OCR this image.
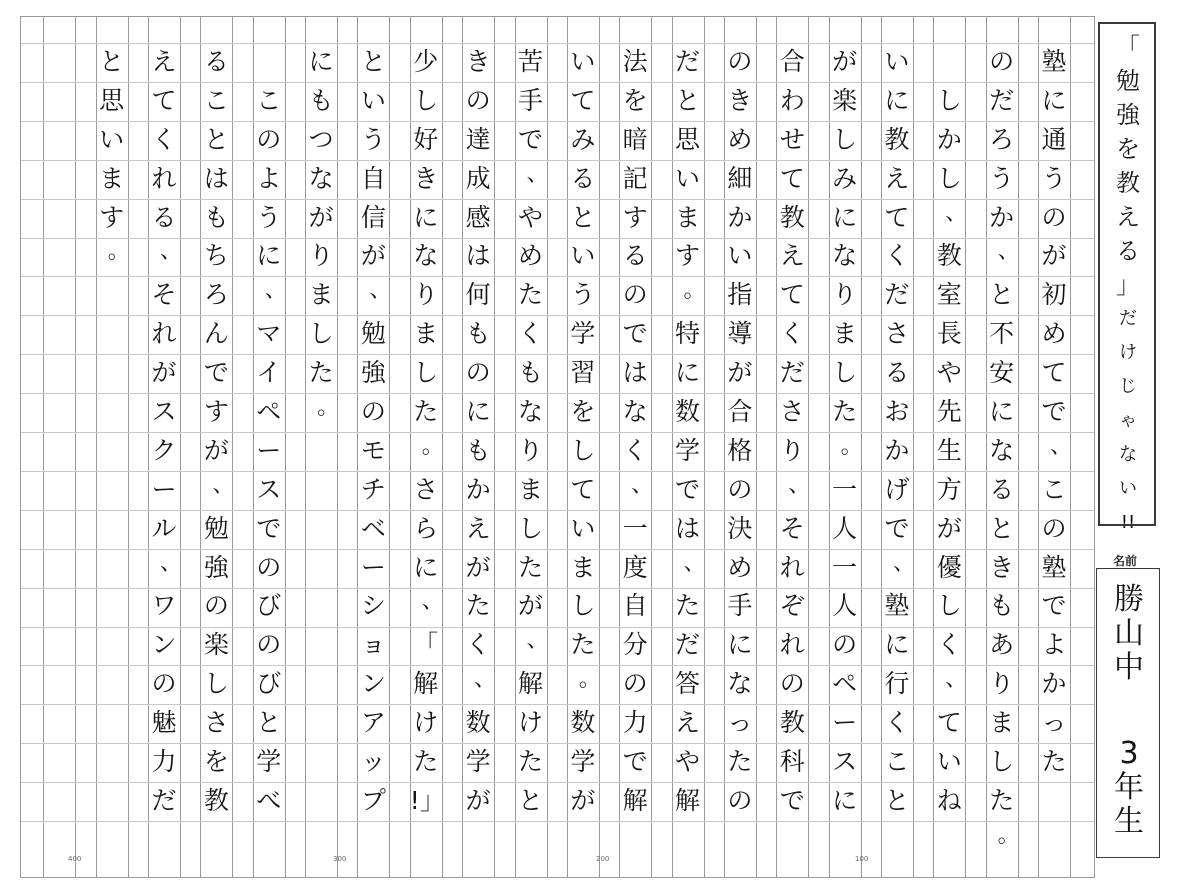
塾
に
通
う
の
が
初
め
て
で
、
こ
の
塾
で
よ
か
っ
た
の
だ
ろ
う
か
、
と
不
安
に
な
る
と
き
も
あ
り
ま
し
た
。
し
か
し
、
教
室
長
や
先
生
方
が
優
し
く
、
て
い
ね
い
に
教
え
て
く
だ
さ
る
お
か
げ
で
、
塾
に
行
く
こ
と
が
楽
し
み
に
な
り
ま
し
た
。
一
人
一
人
の
ペ
ー
ス
に
合
わ
せ
て
教
え
て
く
だ
さ
り
、
そ
れ
ぞ
れ
の
教
科
で
の
き
め
細
か
い
指
導
が
合
格
の
決
め
手
に
な
っ
た
の
だ
と
思
い
ま
す
。
特
に
数
学
で
は
、
た
だ
答
え
や
解
法
を
暗
記
す
る
の
で
は
な
く
、
一
度
自
分
の
力
で
解
い
て
み
る
と
い
う
学
習
を
し
て
い
ま
し
た
。
数
学
が
苦
手
で
、
や
め
た
く
も
な
り
ま
し
た
が
、
解
け
た
と
き
の
達
成
感
は
何
も
の
に
も
か
え
が
た
く
、
数
学
が
少
し
好
き
に
な
り
ま
し
た
。
さ
ら
に
、
「
解
け
た
!」
と
い
う
自
信
が
、
勉
強
の
モ
チ
ベ
ー
シ
ョ
ン
ア
ッ
プ
に
も
つ
な
が
り
ま
し
た
。
こ
の
よ
う
に
、
マ
イ
ペ
ー
ス
で
の
び
の
び
と
学
べ
る
こ
と
は
も
ち
ろ
ん
で
す
が
、
勉
強
の
楽
し
さ
を
教
え
て
く
れ
る
、
そ
れ
が
ス
ク
ー
ル
、
ワ
ン
の
魅
力
だ
と
思
い
ま
す
。
100
200
300
400
「
勉
強
を
教
え
る
」
だ
け
じ
ゃ
な
い
!!
名前
勝
山
中
3
年
生
